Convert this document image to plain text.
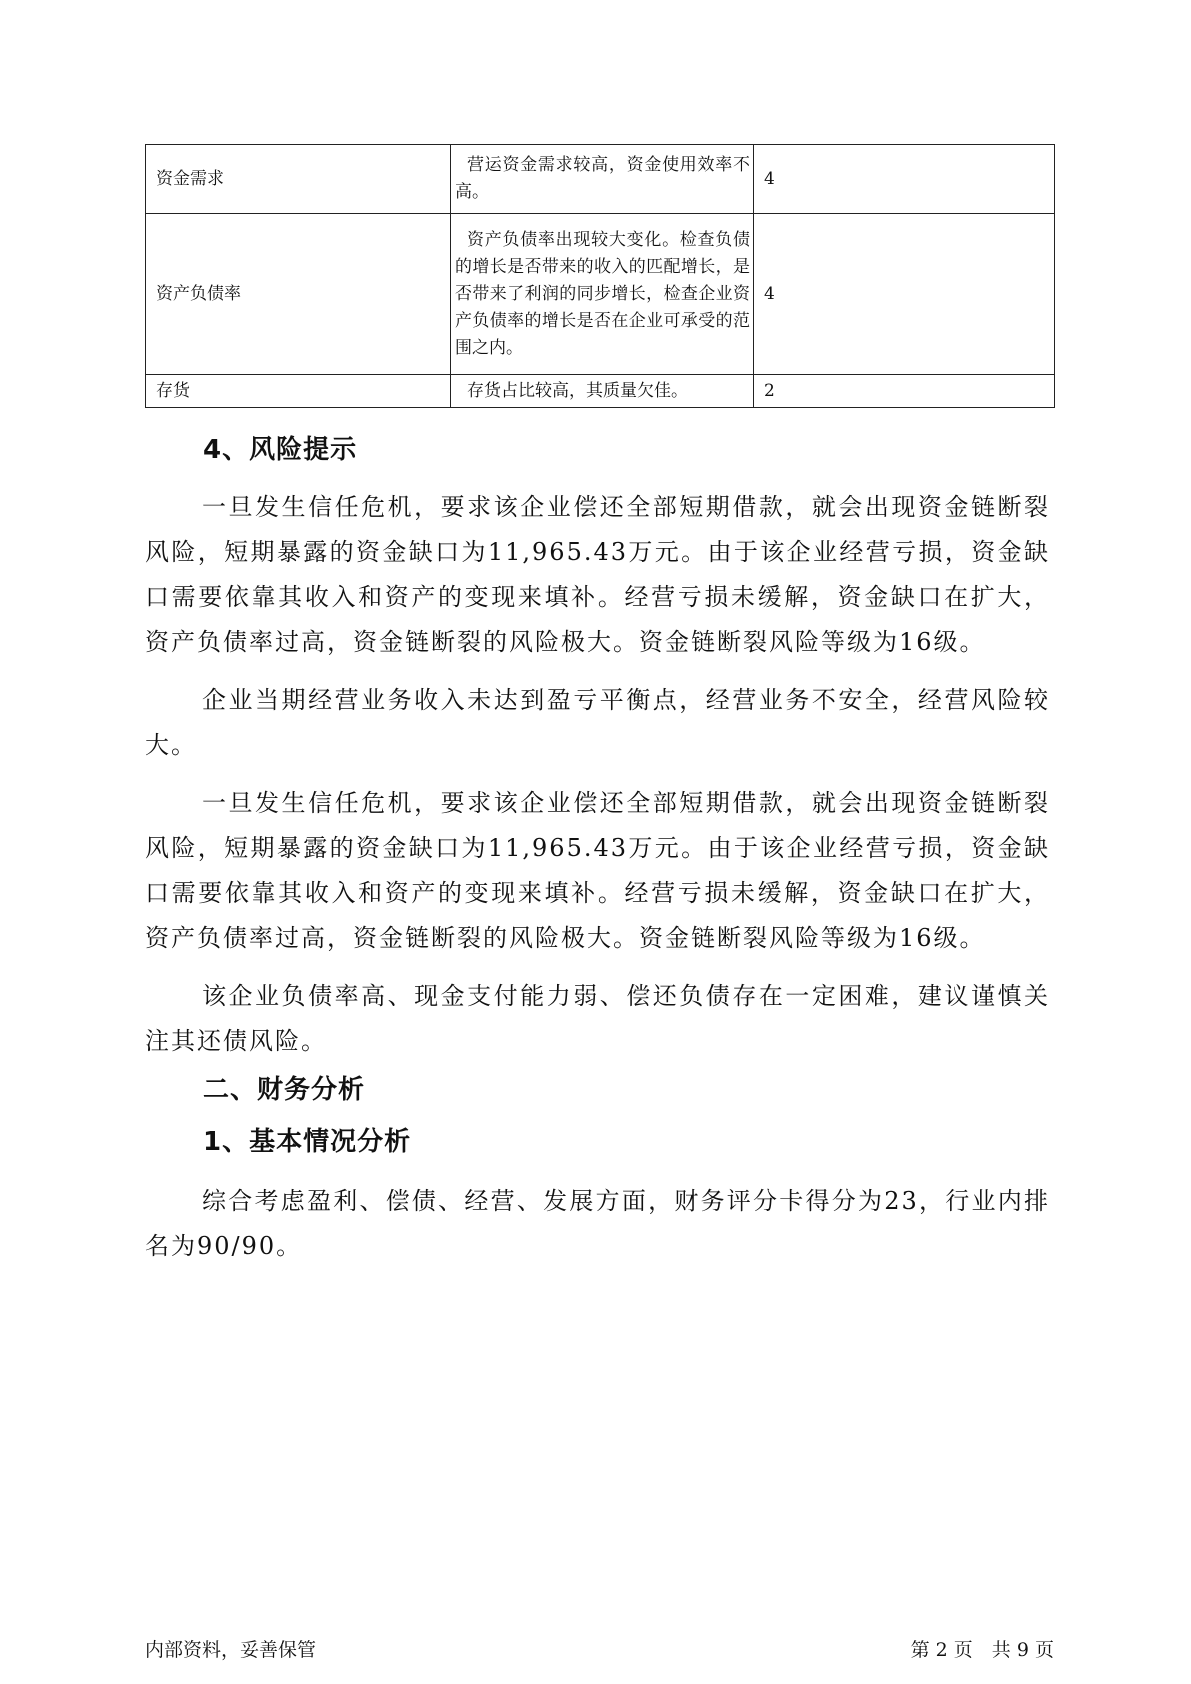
资金需求	营运资金需求较高，资金使用效率不高。	4
资产负债率	资产负债率出现较大变化。检查负债的增长是否带来的收入的匹配增长，是否带来了利润的同步增长，检查企业资产负债率的增长是否在企业可承受的范围之内。	4
存货	存货占比较高，其质量欠佳。	2
4、风险提示

一旦发生信任危机，要求该企业偿还全部短期借款，就会出现资金链断裂风险，短期暴露的资金缺口为11,965.43万元。由于该企业经营亏损，资金缺口需要依靠其收入和资产的变现来填补。经营亏损未缓解，资金缺口在扩大，资产负债率过高，资金链断裂的风险极大。资金链断裂风险等级为16级。

企业当期经营业务收入未达到盈亏平衡点，经营业务不安全，经营风险较大。

一旦发生信任危机，要求该企业偿还全部短期借款，就会出现资金链断裂风险，短期暴露的资金缺口为11,965.43万元。由于该企业经营亏损，资金缺口需要依靠其收入和资产的变现来填补。经营亏损未缓解，资金缺口在扩大，资产负债率过高，资金链断裂的风险极大。资金链断裂风险等级为16级。

该企业负债率高、现金支付能力弱、偿还负债存在一定困难，建议谨慎关注其还债风险。

二、财务分析
1、基本情况分析

综合考虑盈利、偿债、经营、发展方面，财务评分卡得分为23，行业内排名为90/90。

内部资料，妥善保管	第 2 页　共 9 页
